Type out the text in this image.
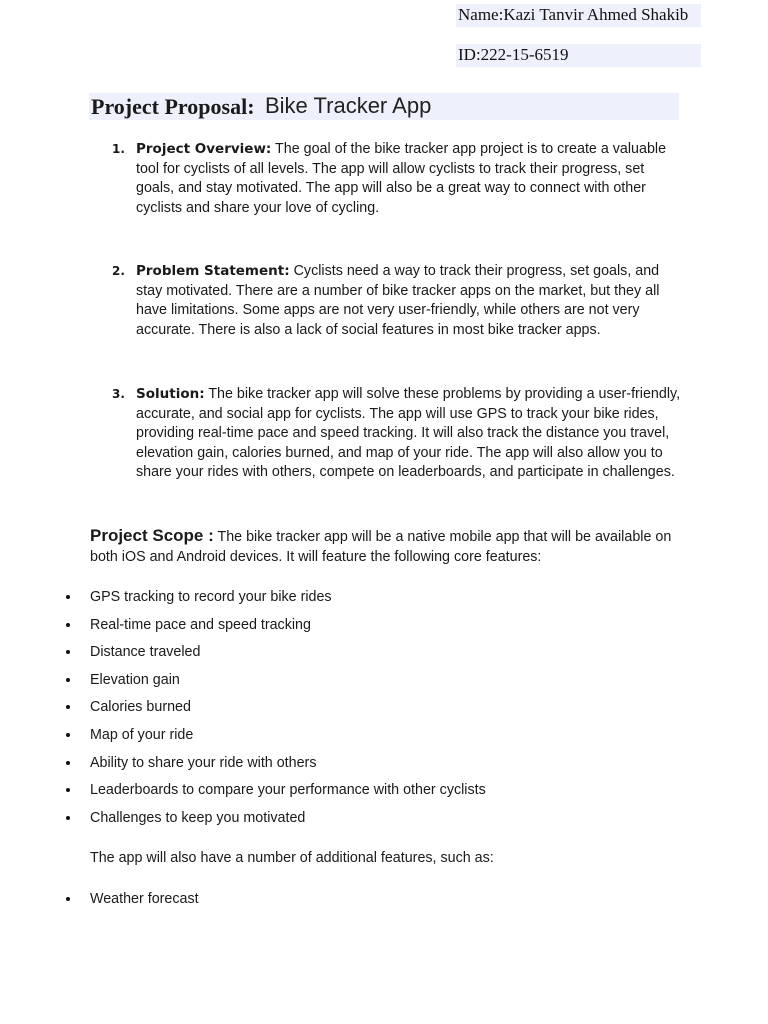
Name:Kazi Tanvir Ahmed Shakib
ID:222-15-6519
Project Proposal: Bike Tracker App
1. Project Overview: The goal of the bike tracker app project is to create a valuable tool for cyclists of all levels. The app will allow cyclists to track their progress, set goals, and stay motivated. The app will also be a great way to connect with other cyclists and share your love of cycling.
2. Problem Statement: Cyclists need a way to track their progress, set goals, and stay motivated. There are a number of bike tracker apps on the market, but they all have limitations. Some apps are not very user-friendly, while others are not very accurate. There is also a lack of social features in most bike tracker apps.
3. Solution: The bike tracker app will solve these problems by providing a user-friendly, accurate, and social app for cyclists. The app will use GPS to track your bike rides, providing real-time pace and speed tracking. It will also track the distance you travel, elevation gain, calories burned, and map of your ride. The app will also allow you to share your rides with others, compete on leaderboards, and participate in challenges.
Project Scope : The bike tracker app will be a native mobile app that will be available on both iOS and Android devices. It will feature the following core features:
GPS tracking to record your bike rides
Real-time pace and speed tracking
Distance traveled
Elevation gain
Calories burned
Map of your ride
Ability to share your ride with others
Leaderboards to compare your performance with other cyclists
Challenges to keep you motivated
The app will also have a number of additional features, such as:
Weather forecast
